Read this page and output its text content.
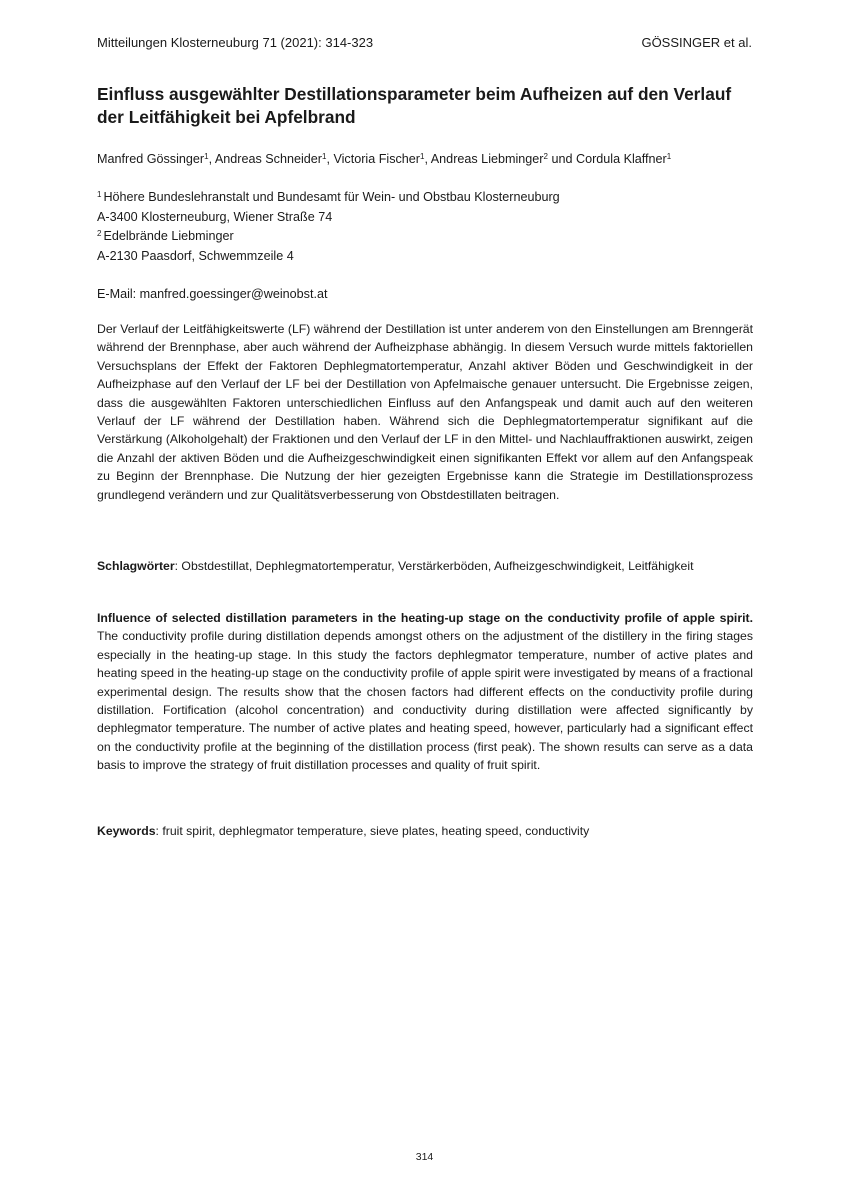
Mitteilungen Klosterneuburg 71 (2021): 314-323	GÖSSINGER et al.
Einfluss ausgewählter Destillationsparameter beim Aufheizen auf den Verlauf der Leitfähigkeit bei Apfelbrand
Manfred Gössinger$^1$, Andreas Schneider$^1$, Victoria Fischer$^1$, Andreas Liebminger$^2$ und Cordula Klaffner$^1$
$^1$ Höhere Bundeslehranstalt und Bundesamt für Wein- und Obstbau Klosterneuburg
A-3400 Klosterneuburg, Wiener Straße 74
$^2$ Edelbrände Liebminger
A-2130 Paasdorf, Schwemmzeile 4
E-Mail: manfred.goessinger@weinobst.at

Der Verlauf der Leitfähigkeitswerte (LF) während der Destillation ist unter anderem von den Einstellungen am Brenngerät während der Brennphase, aber auch während der Aufheizphase abhängig. In diesem Versuch wurde mittels faktoriellen Versuchsplans der Effekt der Faktoren Dephlegmatortemperatur, Anzahl aktiver Böden und Geschwindigkeit in der Aufheizphase auf den Verlauf der LF bei der Destillation von Apfelmaische genauer untersucht. Die Ergebnisse zeigen, dass die ausgewählten Faktoren unterschiedlichen Einfluss auf den Anfangspeak und damit auch auf den weiteren Verlauf der LF während der Destillation haben. Während sich die Dephlegmatortemperatur signifikant auf die Verstärkung (Alkoholgehalt) der Fraktionen und den Verlauf der LF in den Mittel- und Nachlauffraktionen auswirkt, zeigen die Anzahl der aktiven Böden und die Aufheizgeschwindigkeit einen signifikanten Effekt vor allem auf den Anfangspeak zu Beginn der Brennphase. Die Nutzung der hier gezeigten Ergebnisse kann die Strategie im Destillationsprozess grundlegend verändern und zur Qualitätsverbesserung von Obstdestillaten beitragen.

Schlagwörter: Obstdestillat, Dephlegmatortemperatur, Verstärkerböden, Aufheizgeschwindigkeit, Leitfähigkeit

Influence of selected distillation parameters in the heating-up stage on the conductivity profile of apple spirit. The conductivity profile during distillation depends amongst others on the adjustment of the distillery in the firing stages especially in the heating-up stage. In this study the factors dephlegmator temperature, number of active plates and heating speed in the heating-up stage on the conductivity profile of apple spirit were investigated by means of a fractional experimental design. The results show that the chosen factors had different effects on the conductivity profile during distillation. Fortification (alcohol concentration) and conductivity during distillation were affected significantly by dephlegmator temperature. The number of active plates and heating speed, however, particularly had a significant effect on the conductivity profile at the beginning of the distillation process (first peak). The shown results can serve as a data basis to improve the strategy of fruit distillation processes and quality of fruit spirit.

Keywords: fruit spirit, dephlegmator temperature, sieve plates, heating speed, conductivity

314
